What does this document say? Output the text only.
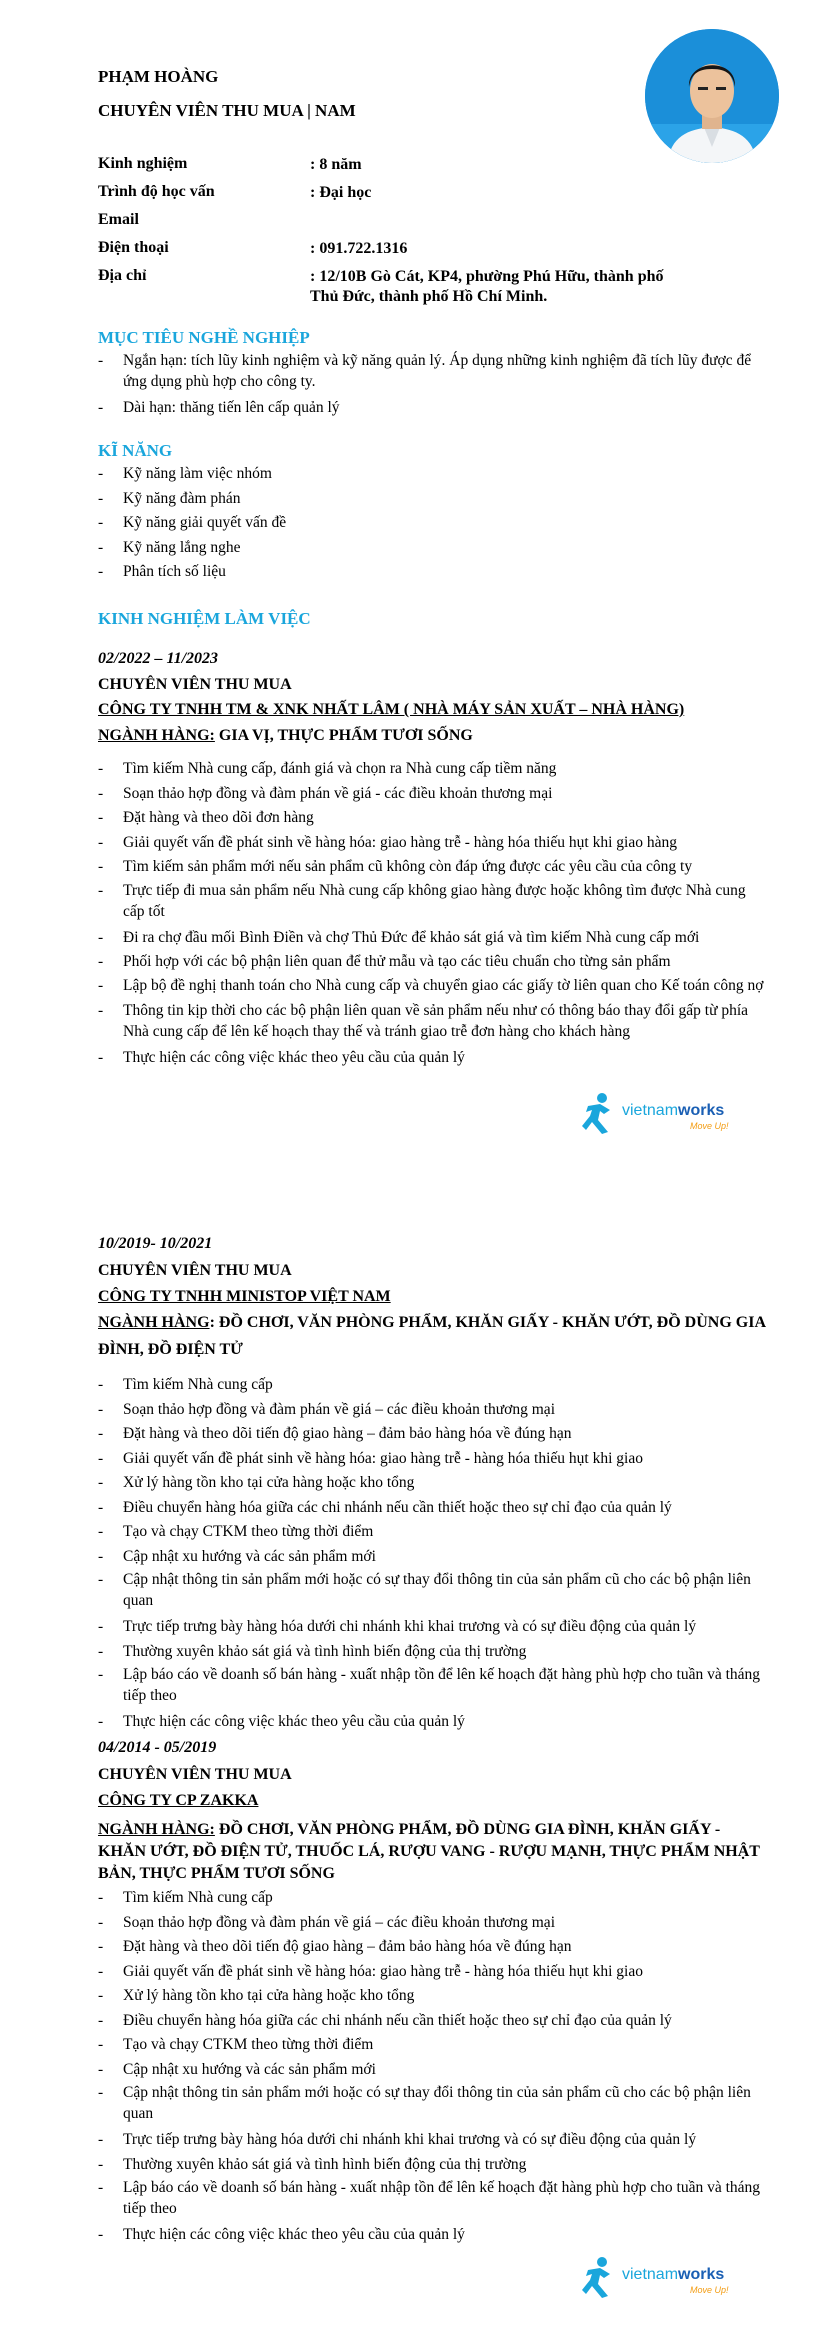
PHẠM HOÀNG
CHUYÊN VIÊN THU MUA | NAM
Kinh nghiệm	: 8 năm
Trình độ học vấn	: Đại học
Email
Điện thoại	: 091.722.1316
Địa chỉ	: 12/10B Gò Cát, KP4, phường Phú Hữu, thành phố Thủ Đức, thành phố Hồ Chí Minh.
MỤC TIÊU NGHỀ NGHIỆP
- Ngắn hạn: tích lũy kinh nghiệm và kỹ năng quản lý. Áp dụng những kinh nghiệm đã tích lũy được để ứng dụng phù hợp cho công ty.
- Dài hạn: thăng tiến lên cấp quản lý
KĨ NĂNG
- Kỹ năng làm việc nhóm
- Kỹ năng đàm phán
- Kỹ năng giải quyết vấn đề
- Kỹ năng lắng nghe
- Phân tích số liệu
KINH NGHIỆM LÀM VIỆC
02/2022 – 11/2023
CHUYÊN VIÊN THU MUA
CÔNG TY TNHH TM & XNK NHẤT LÂM ( NHÀ MÁY SẢN XUẤT – NHÀ HÀNG)
NGÀNH HÀNG: GIA VỊ, THỰC PHẨM TƯƠI SỐNG
- Tìm kiếm Nhà cung cấp, đánh giá và chọn ra Nhà cung cấp tiềm năng
- Soạn thảo hợp đồng và đàm phán về giá - các điều khoản thương mại
- Đặt hàng và theo dõi đơn hàng
- Giải quyết vấn đề phát sinh về hàng hóa: giao hàng trễ - hàng hóa thiếu hụt khi giao hàng
- Tìm kiếm sản phẩm mới nếu sản phẩm cũ không còn đáp ứng được các yêu cầu của công ty
- Trực tiếp đi mua sản phẩm nếu Nhà cung cấp không giao hàng được hoặc không tìm được Nhà cung cấp tốt
- Đi ra chợ đầu mối Bình Điền và chợ Thủ Đức để khảo sát giá và tìm kiếm Nhà cung cấp mới
- Phối hợp với các bộ phận liên quan để thử mẫu và tạo các tiêu chuẩn cho từng sản phẩm
- Lập bộ đề nghị thanh toán cho Nhà cung cấp và chuyển giao các giấy tờ liên quan cho Kế toán công nợ
- Thông tin kịp thời cho các bộ phận liên quan về sản phẩm nếu như có thông báo thay đổi gấp từ phía Nhà cung cấp để lên kế hoạch thay thế và tránh giao trễ đơn hàng cho khách hàng
- Thực hiện các công việc khác theo yêu cầu của quản lý
vietnamworks
Move Up!
10/2019- 10/2021
CHUYÊN VIÊN THU MUA
CÔNG TY TNHH MINISTOP VIỆT NAM
NGÀNH HÀNG: ĐỒ CHƠI, VĂN PHÒNG PHẨM, KHĂN GIẤY - KHĂN ƯỚT, ĐỒ DÙNG GIA ĐÌNH, ĐỒ ĐIỆN TỬ
- Tìm kiếm Nhà cung cấp
- Soạn thảo hợp đồng và đàm phán về giá – các điều khoản thương mại
- Đặt hàng và theo dõi tiến độ giao hàng – đảm bảo hàng hóa về đúng hạn
- Giải quyết vấn đề phát sinh về hàng hóa: giao hàng trễ - hàng hóa thiếu hụt khi giao
- Xử lý hàng tồn kho tại cửa hàng hoặc kho tổng
- Điều chuyển hàng hóa giữa các chi nhánh nếu cần thiết hoặc theo sự chỉ đạo của quản lý
- Tạo và chạy CTKM theo từng thời điểm
- Cập nhật xu hướng và các sản phẩm mới
- Cập nhật thông tin sản phẩm mới hoặc có sự thay đổi thông tin của sản phẩm cũ cho các bộ phận liên quan
- Trực tiếp trưng bày hàng hóa dưới chi nhánh khi khai trương và có sự điều động của quản lý
- Thường xuyên khảo sát giá và tình hình biến động của thị trường
- Lập báo cáo về doanh số bán hàng - xuất nhập tồn để lên kế hoạch đặt hàng phù hợp cho tuần và tháng tiếp theo
- Thực hiện các công việc khác theo yêu cầu của quản lý
04/2014 - 05/2019
CHUYÊN VIÊN THU MUA
CÔNG TY CP ZAKKA
NGÀNH HÀNG: ĐỒ CHƠI, VĂN PHÒNG PHẨM, ĐỒ DÙNG GIA ĐÌNH, KHĂN GIẤY - KHĂN ƯỚT, ĐỒ ĐIỆN TỬ, THUỐC LÁ, RƯỢU VANG - RƯỢU MẠNH, THỰC PHẨM NHẬT BẢN, THỰC PHẨM TƯƠI SỐNG
- Tìm kiếm Nhà cung cấp
- Soạn thảo hợp đồng và đàm phán về giá – các điều khoản thương mại
- Đặt hàng và theo dõi tiến độ giao hàng – đảm bảo hàng hóa về đúng hạn
- Giải quyết vấn đề phát sinh về hàng hóa: giao hàng trễ - hàng hóa thiếu hụt khi giao
- Xử lý hàng tồn kho tại cửa hàng hoặc kho tổng
- Điều chuyển hàng hóa giữa các chi nhánh nếu cần thiết hoặc theo sự chỉ đạo của quản lý
- Tạo và chạy CTKM theo từng thời điểm
- Cập nhật xu hướng và các sản phẩm mới
- Cập nhật thông tin sản phẩm mới hoặc có sự thay đổi thông tin của sản phẩm cũ cho các bộ phận liên quan
- Trực tiếp trưng bày hàng hóa dưới chi nhánh khi khai trương và có sự điều động của quản lý
- Thường xuyên khảo sát giá và tình hình biến động của thị trường
- Lập báo cáo về doanh số bán hàng - xuất nhập tồn để lên kế hoạch đặt hàng phù hợp cho tuần và tháng tiếp theo
- Thực hiện các công việc khác theo yêu cầu của quản lý
vietnamworks
Move Up!
